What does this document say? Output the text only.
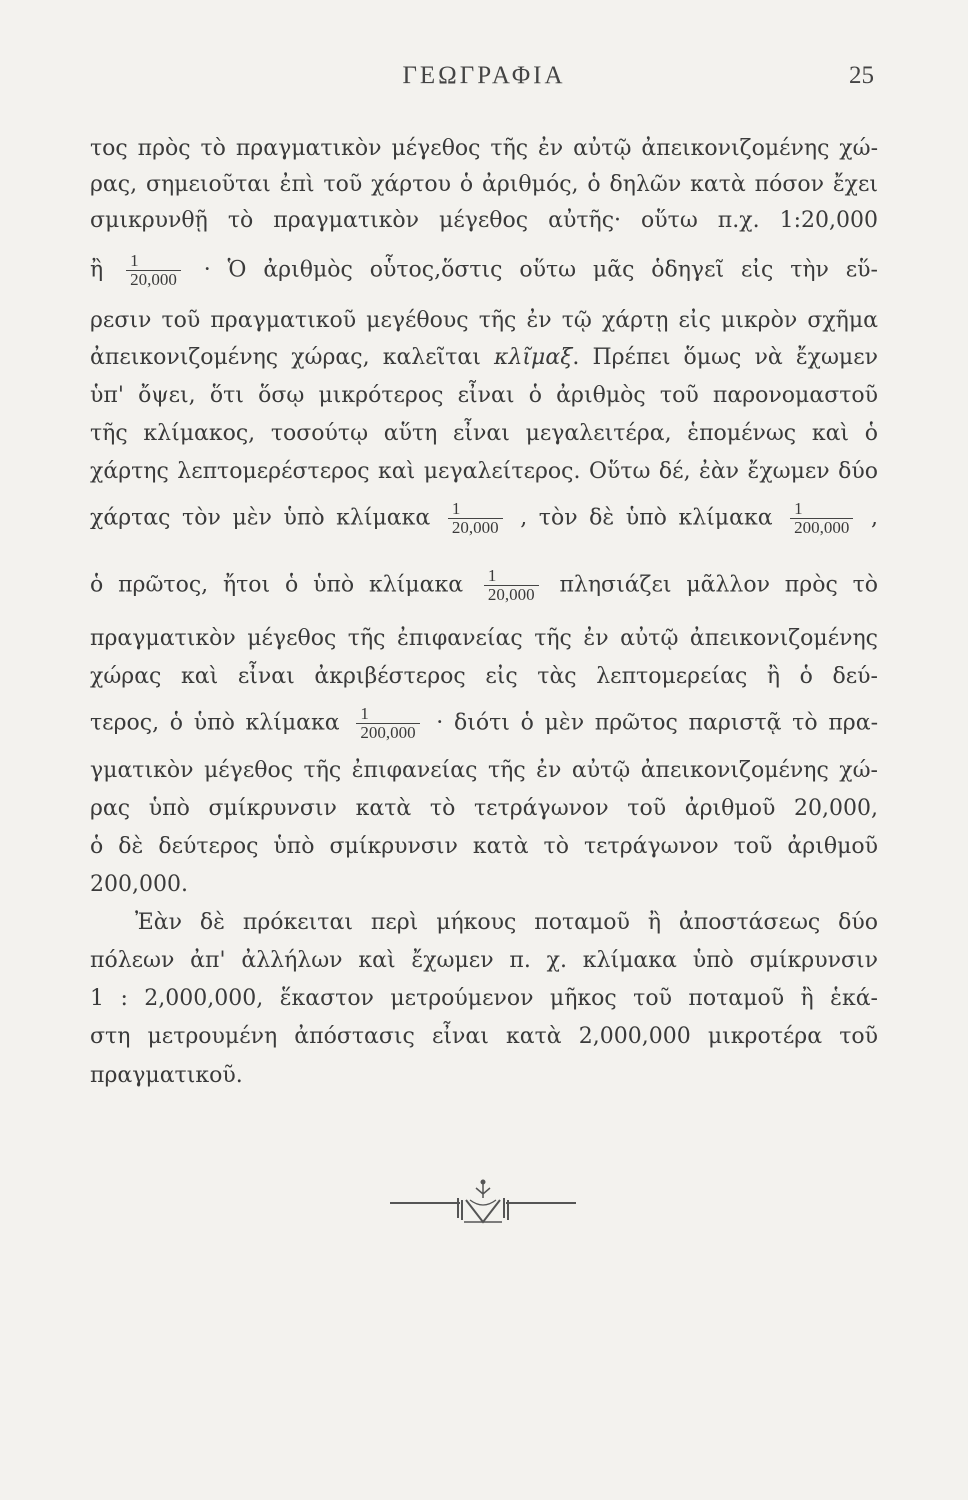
ΓΕΩΓΡΑΦΙΑ	25
τος πρὸς τὸ πραγματικὸν μέγεθος τῆς ἐν αὐτῷ ἀπεικονιζομένης χώ-
ρας, σημειοῦται ἐπὶ τοῦ χάρτου ὁ ἀριθμός, ὁ δηλῶν κατὰ πόσον ἔχει
σμικρυνθῇ τὸ πραγματικὸν μέγεθος αὐτῆς· οὕτω π.χ. 1:20,000
ἢ $\frac{1}{20,000}$ · Ὁ ἀριθμὸς οὗτος,ὅστις οὕτω μᾶς ὁδηγεῖ εἰς τὴν εὕ-
ρεσιν τοῦ πραγματικοῦ μεγέθους τῆς ἐν τῷ χάρτῃ εἰς μικρὸν σχῆμα
ἀπεικονιζομένης χώρας, καλεῖται κλῖμαξ. Πρέπει ὅμως νὰ ἔχωμεν
ὑπ' ὄψει, ὅτι ὅσῳ μικρότερος εἶναι ὁ ἀριθμὸς τοῦ παρονομαστοῦ
τῆς κλίμακος, τοσούτῳ αὕτη εἶναι μεγαλειτέρα, ἑπομένως καὶ ὁ
χάρτης λεπτομερέστερος καὶ μεγαλείτερος. Οὕτω δέ, ἐὰν ἔχωμεν δύο
χάρτας τὸν μὲν ὑπὸ κλίμακα $\frac{1}{20,000}$ , τὸν δὲ ὑπὸ κλίμακα $\frac{1}{200,000}$ ,
ὁ πρῶτος, ἤτοι ὁ ὑπὸ κλίμακα $\frac{1}{20,000}$ πλησιάζει μᾶλλον πρὸς τὸ
πραγματικὸν μέγεθος τῆς ἐπιφανείας τῆς ἐν αὐτῷ ἀπεικονιζομένης
χώρας καὶ εἶναι ἀκριβέστερος εἰς τὰς λεπτομερείας ἢ ὁ δεύ-
τερος, ὁ ὑπὸ κλίμακα $\frac{1}{200,000} \cdot \delta\iota ό\tau\iota$ ὁ μὲν πρῶτος παριστᾷ τὸ πρα-
γματικὸν μέγεθος τῆς ἐπιφανείας τῆς ἐν αὐτῷ ἀπεικονιζομένης χώ-
ρας ὑπὸ σμίκρυνσιν κατὰ τὸ τετράγωνον τοῦ ἀριθμοῦ 20,000,
ὁ δὲ δεύτερος ὑπὸ σμίκρυνσιν κατὰ τὸ τετράγωνον τοῦ ἀριθμοῦ
200,000.
Ἐὰν δὲ πρόκειται περὶ μήκους ποταμοῦ ἢ ἀποστάσεως δύο
πόλεων ἀπ' ἀλλήλων καὶ ἔχωμεν π. χ. κλίμακα ὑπὸ σμίκρυνσιν
1 : 2,000,000, ἕκαστον μετρούμενον μῆκος τοῦ ποταμοῦ ἢ ἑκά-
στη μετρουμένη ἀπόστασις εἶναι κατὰ 2,000,000 μικροτέρα τοῦ
πραγματικοῦ.
